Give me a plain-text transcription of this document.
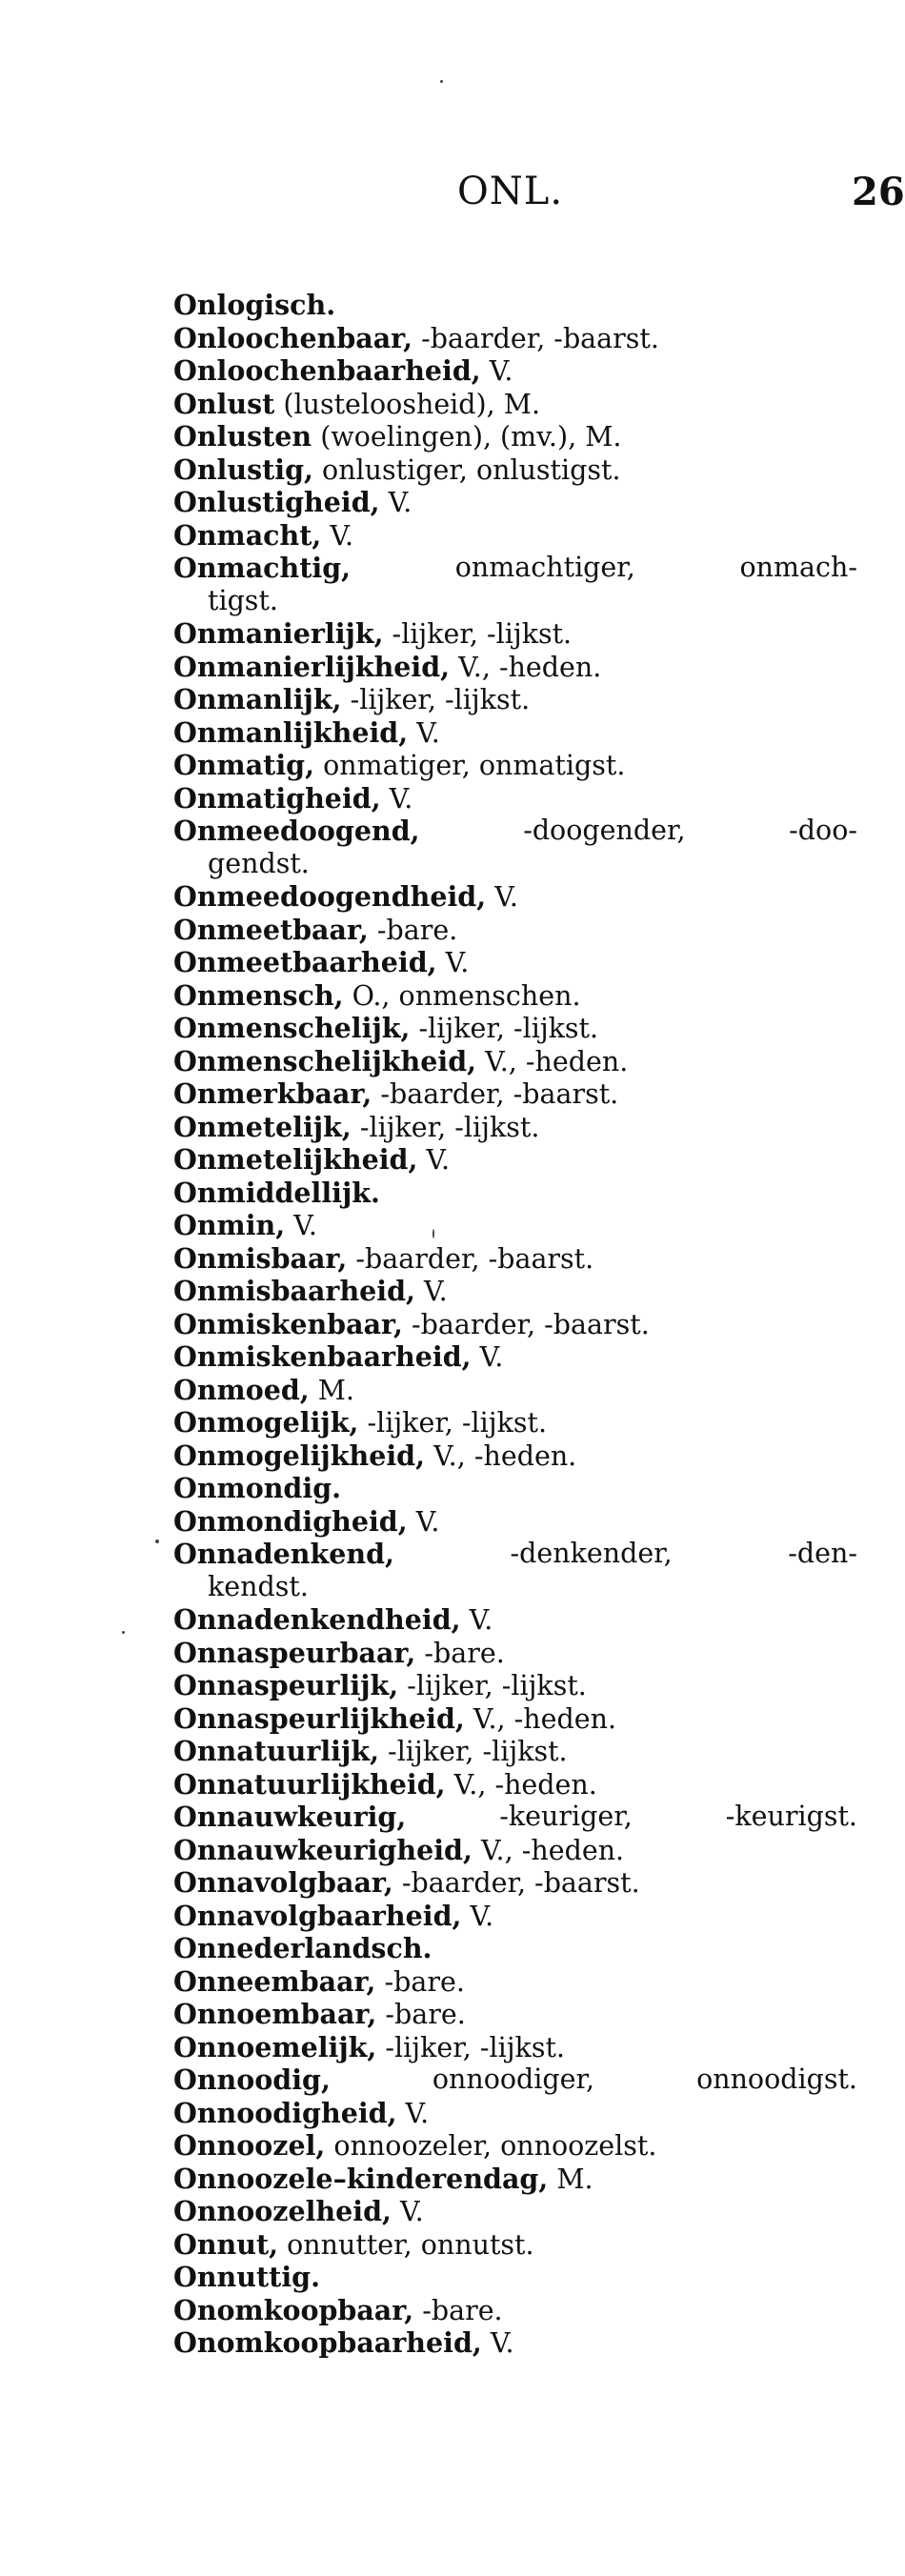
ONL.	26
Onlogisch.
Onloochenbaar, -baarder, -baarst.
Onloochenbaarheid, V.
Onlust (lusteloosheid), M.
Onlusten (woelingen), (mv.), M.
Onlustig, onlustiger, onlustigst.
Onlustigheid, V.
Onmacht, V.
Onmachtig,	onmachtiger,	onmach-
tigst.
Onmanierlijk, -lijker, -lijkst.
Onmanierlijkheid, V., -heden.
Onmanlijk, -lijker, -lijkst.
Onmanlijkheid, V.
Onmatig, onmatiger, onmatigst.
Onmatigheid, V.
Onmeedoogend,	-doogender,	-doo-
gendst.
Onmeedoogendheid, V.
Onmeetbaar, -bare.
Onmeetbaarheid, V.
Onmensch, O., onmenschen.
Onmenschelijk, -lijker, -lijkst.
Onmenschelijkheid, V., -heden.
Onmerkbaar, -baarder, -baarst.
Onmetelijk, -lijker, -lijkst.
Onmetelijkheid, V.
Onmiddellijk.
Onmin, V.
Onmisbaar, -baarder, -baarst.
Onmisbaarheid, V.
Onmiskenbaar, -baarder, -baarst.
Onmiskenbaarheid, V.
Onmoed, M.
Onmogelijk, -lijker, -lijkst.
Onmogelijkheid, V., -heden.
Onmondig.
Onmondigheid, V.
Onnadenkend,	-denkender,	-den-
kendst.
Onnadenkendheid, V.
Onnaspeurbaar, -bare.
Onnaspeurlijk, -lijker, -lijkst.
Onnaspeurlijkheid, V., -heden.
Onnatuurlijk, -lijker, -lijkst.
Onnatuurlijkheid, V., -heden.
Onnauwkeurig,	-keuriger,	-keurigst.
Onnauwkeurigheid, V., -heden.
Onnavolgbaar, -baarder, -baarst.
Onnavolgbaarheid, V.
Onnederlandsch.
Onneembaar, -bare.
Onnoembaar, -bare.
Onnoemelijk, -lijker, -lijkst.
Onnoodig,	onnoodiger,	onnoodigst.
Onnoodigheid, V.
Onnoozel, onnoozeler, onnoozelst.
Onnoozele–kinderendag, M.
Onnoozelheid, V.
Onnut, onnutter, onnutst.
Onnuttig.
Onomkoopbaar, -bare.
Onomkoopbaarheid, V.
